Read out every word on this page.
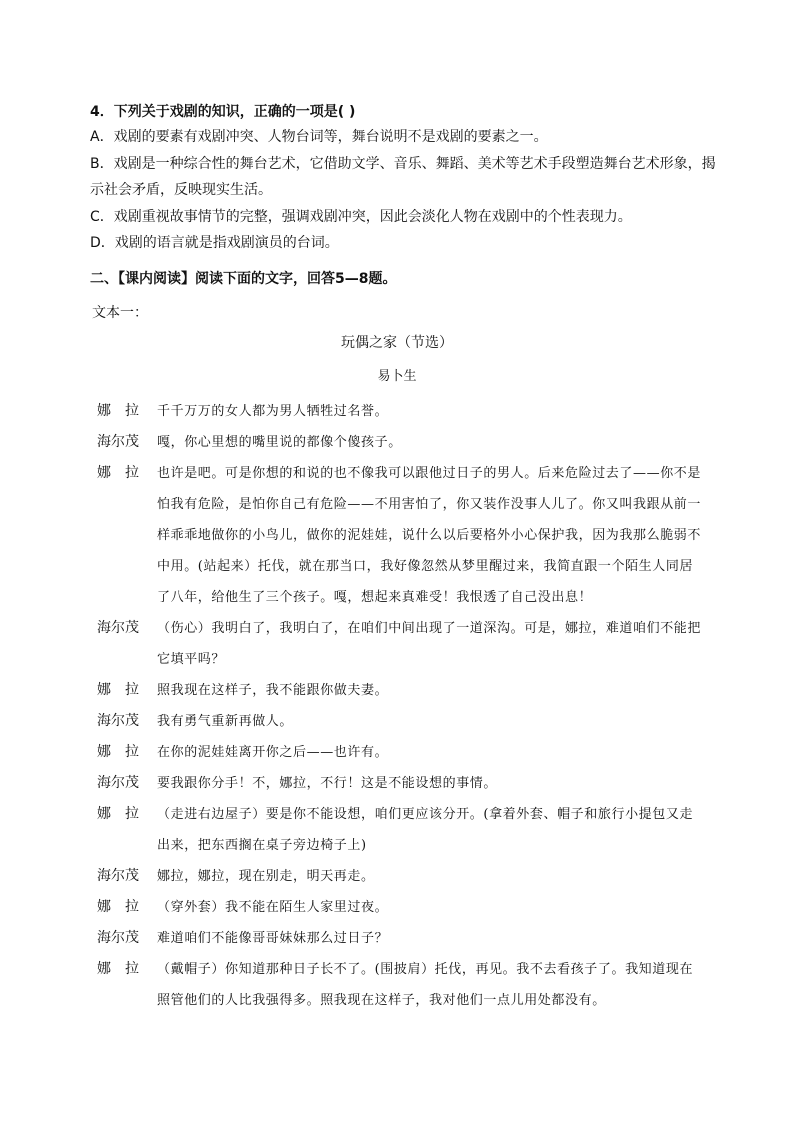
4．下列关于戏剧的知识，正确的一项是( )
A．戏剧的要素有戏剧冲突、人物台词等，舞台说明不是戏剧的要素之一。
B．戏剧是一种综合性的舞台艺术，它借助文学、音乐、舞蹈、美术等艺术手段塑造舞台艺术形象，揭
示社会矛盾，反映现实生活。
C．戏剧重视故事情节的完整，强调戏剧冲突，因此会淡化人物在戏剧中的个性表现力。
D．戏剧的语言就是指戏剧演员的台词。
二、【课内阅读】阅读下面的文字，回答5—8题。
文本一：
玩偶之家（节选）
易卜生
娜拉 千千万万的女人都为男人牺牲过名誉。
海尔茂	嘎，你心里想的嘴里说的都像个傻孩子。
娜拉 也许是吧。可是你想的和说的也不像我可以跟他过日子的男人。后来危险过去了——你不是
怕我有危险，是怕你自己有危险——不用害怕了，你又装作没事人儿了。你又叫我跟从前一
样乖乖地做你的小鸟儿，做你的泥娃娃，说什么以后要格外小心保护我，因为我那么脆弱不
中用。(站起来）托伐，就在那当口，我好像忽然从梦里醒过来，我简直跟一个陌生人同居
了八年，给他生了三个孩子。嘎，想起来真难受！我恨透了自己没出息！
海尔茂	（伤心）我明白了，我明白了，在咱们中间出现了一道深沟。可是，娜拉，难道咱们不能把
它填平吗？
娜拉 照我现在这样子，我不能跟你做夫妻。
海尔茂	我有勇气重新再做人。
娜拉 在你的泥娃娃离开你之后——也许有。
海尔茂	要我跟你分手！不，娜拉，不行！这是不能设想的事情。
娜拉 （走进右边屋子）要是你不能设想，咱们更应该分开。(拿着外套、帽子和旅行小提包又走
出来，把东西搁在桌子旁边椅子上)
海尔茂	娜拉，娜拉，现在别走，明天再走。
娜拉 （穿外套）我不能在陌生人家里过夜。
海尔茂	难道咱们不能像哥哥妹妹那么过日子？
娜拉 （戴帽子）你知道那种日子长不了。(围披肩）托伐，再见。我不去看孩子了。我知道现在
照管他们的人比我强得多。照我现在这样子，我对他们一点儿用处都没有。
